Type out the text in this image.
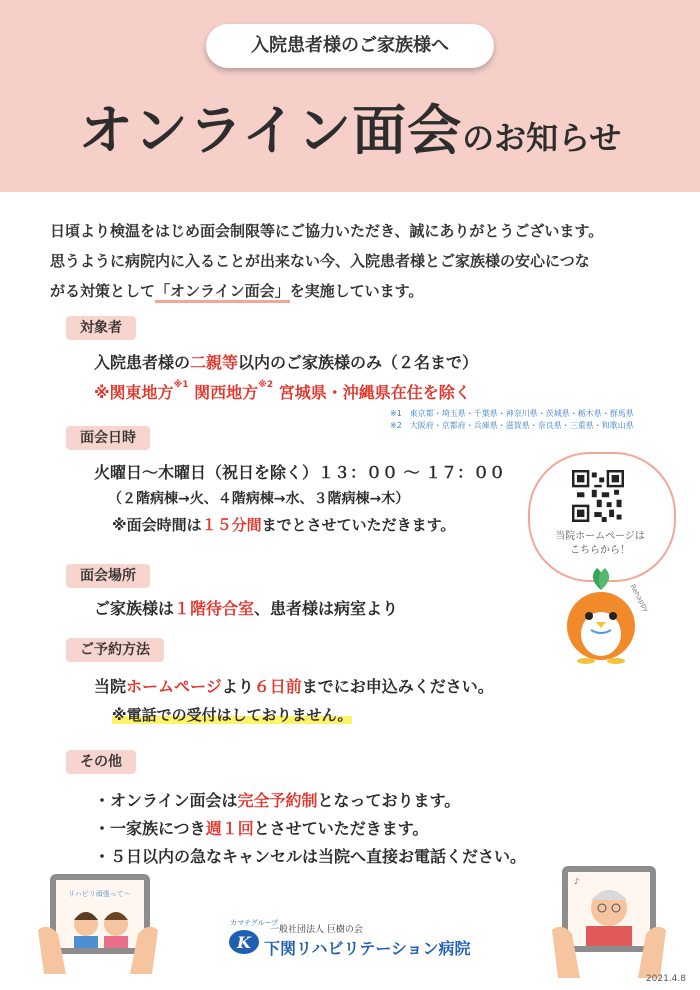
入院患者様のご家族様へ
オンライン面会のお知らせ
日頃より検温をはじめ面会制限等にご協力いただき、誠にありがとうございます。
思うように病院内に入ることが出来ない今、入院患者様とご家族様の安心につな
がる対策として「オンライン面会」を実施しています。
対象者
入院患者様の二親等以内のご家族様のみ（２名まで）
※関東地方$^{※1}$ 関西地方$^{※2}$ 宮城県・沖縄県在住を除く
※1　東京都・埼玉県・千葉県・神奈川県・茨城県・栃木県・群馬県
※2　大阪府・京都府・兵庫県・滋賀県・奈良県・三重県・和歌山県
面会日時
火曜日～木曜日（祝日を除く）１３：００ ～ １７：００
（２階病棟→火、４階病棟→水、３階病棟→木）
※面会時間は１５分間までとさせていただきます。
面会場所
ご家族様は１階待合室、患者様は病室より
ご予約方法
当院ホームページより６日前までにお申込みください。
※電話での受付はしておりません。
その他
・オンライン面会は完全予約制となっております。
・一家族につき週１回とさせていただきます。
・５日以内の急なキャンセルは当院へ直接お電話ください。
当院ホームページは
こちらから！
Rehappy
リハビリ頑張って～
♪
K
カマテグループ
一般社団法人 巨樹の会
下関リハビリテーション病院
2021.4.8
